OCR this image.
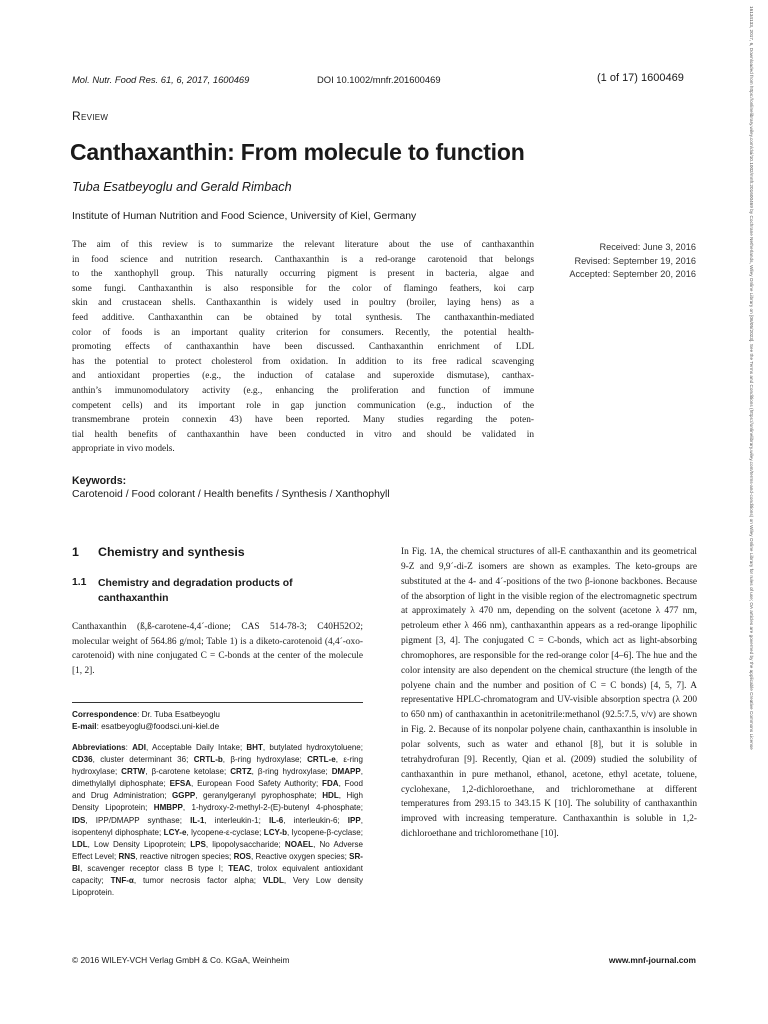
16134133, 2017, 6, Downloaded from https://onlinelibrary.wiley.com/doi/10.1002/mnfr.201600469 by Cochrane Netherlands, Wiley Online Library on [06/05/2023]. See the Terms and Conditions (https://onlinelibrary.wiley.com/terms-and-conditions) on Wiley Online Library for rules of use; OA articles are governed by the applicable Creative Commons License
Mol. Nutr. Food Res. 61, 6, 2017, 1600469	DOI 10.1002/mnfr.201600469	(1 of 17) 1600469
Review
Canthaxanthin: From molecule to function
Tuba Esatbeyoglu and Gerald Rimbach
Institute of Human Nutrition and Food Science, University of Kiel, Germany
The aim of this review is to summarize the relevant literature about the use of canthaxanthin
in food science and nutrition research. Canthaxanthin is a red-orange carotenoid that belongs
to the xanthophyll group. This naturally occurring pigment is present in bacteria, algae and
some fungi. Canthaxanthin is also responsible for the color of flamingo feathers, koi carp
skin and crustacean shells. Canthaxanthin is widely used in poultry (broiler, laying hens) as a
feed additive. Canthaxanthin can be obtained by total synthesis. The canthaxanthin-mediated
color of foods is an important quality criterion for consumers. Recently, the potential health-
promoting effects of canthaxanthin have been discussed. Canthaxanthin enrichment of LDL
has the potential to protect cholesterol from oxidation. In addition to its free radical scavenging
and antioxidant properties (e.g., the induction of catalase and superoxide dismutase), canthax-
anthin’s immunomodulatory activity (e.g., enhancing the proliferation and function of immune
competent cells) and its important role in gap junction communication (e.g., induction of the
transmembrane protein connexin 43) have been reported. Many studies regarding the poten-
tial health benefits of canthaxanthin have been conducted in vitro and should be validated in
appropriate in vivo models.
Received: June 3, 2016
Revised: September 19, 2016
Accepted: September 20, 2016
Keywords:
Carotenoid / Food colorant / Health benefits / Synthesis / Xanthophyll
1 Chemistry and synthesis
1.1 Chemistry and degradation products of canthaxanthin
Canthaxanthin (ß,ß-carotene-4,4´-dione; CAS 514-78-3; C40H52O2; molecular weight of 564.86 g/mol; Table 1) is a diketo-carotenoid (4,4´-oxo-carotenoid) with nine conjugated C = C-bonds at the center of the molecule [1, 2].
Correspondence: Dr. Tuba Esatbeyoglu
E-mail: esatbeyoglu@foodsci.uni-kiel.de
Abbreviations: ADI, Acceptable Daily Intake; BHT, butylated hydroxytoluene; CD36, cluster determinant 36; CRTL-b, β-ring hydroxylase; CRTL-e, ε-ring hydroxylase; CRTW, β-carotene ketolase; CRTZ, β-ring hydroxylase; DMAPP, dimethylallyl diphosphate; EFSA, European Food Safety Authority; FDA, Food and Drug Administration; GGPP, geranylgeranyl pyrophosphate; HDL, High Density Lipoprotein; HMBPP, 1-hydroxy-2-methyl-2-(E)-butenyl 4-phosphate; IDS, IPP/DMAPP synthase; IL-1, interleukin-1; IL-6, interleukin-6; IPP, isopentenyl diphosphate; LCY-e, lycopene-ε-cyclase; LCY-b, lycopene-β-cyclase; LDL, Low Density Lipoprotein; LPS, lipopolysaccharide; NOAEL, No Adverse Effect Level; RNS, reactive nitrogen species; ROS, Reactive oxygen species; SR-BI, scavenger receptor class B type I; TEAC, trolox equivalent antioxidant capacity; TNF-α, tumor necrosis factor alpha; VLDL, Very Low density Lipoprotein.
In Fig. 1A, the chemical structures of all-E canthaxanthin and its geometrical 9-Z and 9,9´-di-Z isomers are shown as examples. The keto-groups are substituted at the 4- and 4´-positions of the two β-ionone backbones. Because of the absorption of light in the visible region of the electromagnetic spectrum at approximately λ 470 nm, depending on the solvent (acetone λ 477 nm, petroleum ether λ 466 nm), canthaxanthin appears as a red-orange lipophilic pigment [3, 4]. The conjugated C = C-bonds, which act as light-absorbing chromophores, are responsible for the red-orange color [4–6]. The hue and the color intensity are also dependent on the chemical structure (the length of the polyene chain and the number and position of C = C bonds) [4, 5, 7]. A representative HPLC-chromatogram and UV-visible absorption spectra (λ 200 to 650 nm) of canthaxanthin in acetonitrile:methanol (92.5:7.5, v/v) are shown in Fig. 2. Because of its nonpolar polyene chain, canthaxanthin is insoluble in polar solvents, such as water and ethanol [8], but it is soluble in tetrahydrofuran [9]. Recently, Qian et al. (2009) studied the solubility of canthaxanthin in pure methanol, ethanol, acetone, ethyl acetate, toluene, cyclohexane, 1,2-dichloroethane, and trichloromethane at different temperatures from 293.15 to 343.15 K [10]. The solubility of canthaxanthin improved with increasing temperature. Canthaxanthin is soluble in 1,2-dichloroethane and trichloromethane [10].
© 2016 WILEY-VCH Verlag GmbH & Co. KGaA, Weinheim	www.mnf-journal.com
